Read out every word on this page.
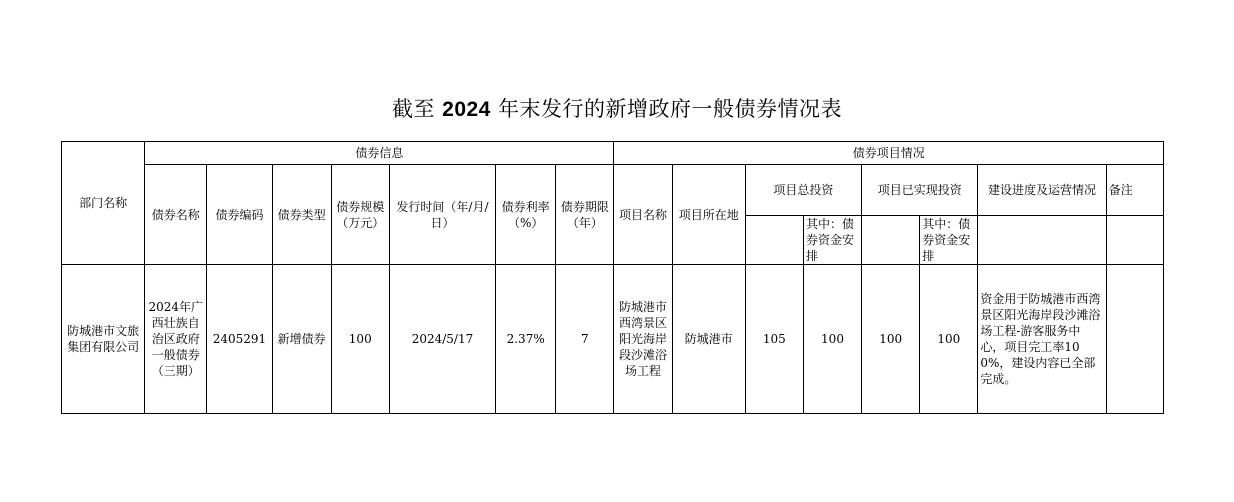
截至 2024 年末发行的新增政府一般债券情况表
部门名称	债券信息							债券项目情况							
	债券名称	债券编码	债券类型	债券规模（万元）	发行时间（年/月/日）	债券利率（%）	债券期限（年）	项目名称	项目所在地	项目总投资		项目已实现投资		建设进度及运营情况	备注
											其中：债券资金安排		其中：债券资金安排		
防城港市文旅集团有限公司	2024年广西壮族自治区政府一般债券（三期）	2405291	新增债券	100	2024/5/17	2.37%	7	防城港市西湾景区阳光海岸段沙滩浴场工程	防城港市	105	100	100	100	资金用于防城港市西湾景区阳光海岸段沙滩浴场工程-游客服务中心，项目完工率100%，建设内容已全部完成。	
